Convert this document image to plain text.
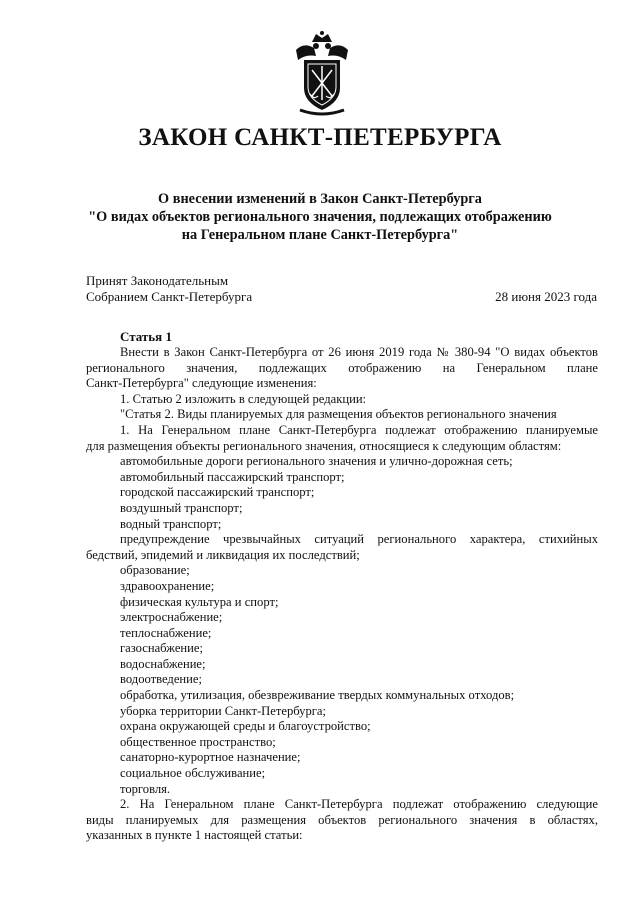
ЗАКОН САНКТ-ПЕТЕРБУРГА
О внесении изменений в Закон Санкт-Петербурга
"О видах объектов регионального значения, подлежащих отображению
на Генеральном плане Санкт-Петербурга"
Принят Законодательным
Собранием Санкт-Петербурга	28 июня 2023 года
Статья 1

Внести в Закон Санкт-Петербурга от 26 июня 2019 года № 380-94 "О видах объектов

регионального значения, подлежащих отображению на Генеральном плане

Санкт-Петербурга" следующие изменения:

1. Статью 2 изложить в следующей редакции:

"Статья 2. Виды планируемых для размещения объектов регионального значения

1. На Генеральном плане Санкт-Петербурга подлежат отображению планируемые

для размещения объекты регионального значения, относящиеся к следующим областям:

автомобильные дороги регионального значения и улично-дорожная сеть;

автомобильный пассажирский транспорт;

городской пассажирский транспорт;

воздушный транспорт;

водный транспорт;

предупреждение чрезвычайных ситуаций регионального характера, стихийных

бедствий, эпидемий и ликвидация их последствий;

образование;

здравоохранение;

физическая культура и спорт;

электроснабжение;

теплоснабжение;

газоснабжение;

водоснабжение;

водоотведение;

обработка, утилизация, обезвреживание твердых коммунальных отходов;

уборка территории Санкт-Петербурга;

охрана окружающей среды и благоустройство;

общественное пространство;

санаторно-курортное назначение;

социальное обслуживание;

торговля.

2. На Генеральном плане Санкт-Петербурга подлежат отображению следующие

виды планируемых для размещения объектов регионального значения в областях,

указанных в пункте 1 настоящей статьи:
